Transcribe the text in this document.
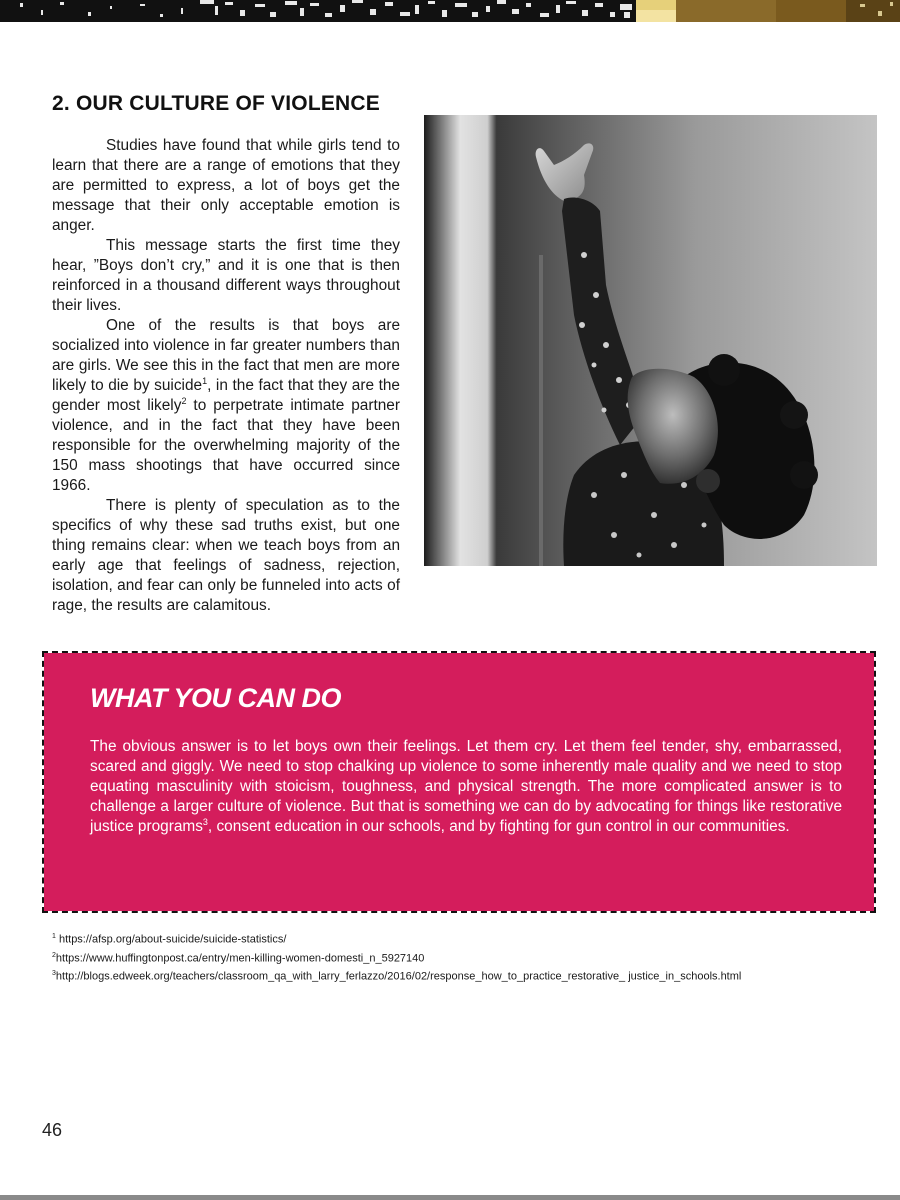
2. OUR CULTURE OF VIOLENCE

Studies have found that while girls tend to learn that there are a range of emotions that they are permitted to express, a lot of boys get the message that their only acceptable emotion is anger.

This message starts the first time they hear, ”Boys don’t cry,” and it is one that is then reinforced in a thousand different ways throughout their lives.

One of the results is that boys are socialized into violence in far greater numbers than are girls. We see this in the fact that men are more likely to die by suicide$^1$, in the fact that they are the gender most likely$^2$ to perpetrate intimate partner violence, and in the fact that they have been responsible for the overwhelming majority of the 150 mass shootings that have occurred since 1966.

There is plenty of speculation as to the specifics of why these sad truths exist, but one thing remains clear: when we teach boys from an early age that feelings of sadness, rejection, isolation, and fear can only be funneled into acts of rage, the results are calamitous.

WHAT YOU CAN DO

The obvious answer is to let boys own their feelings. Let them cry. Let them feel tender, shy, embarrassed, scared and giggly. We need to stop chalking up violence to some inherently male quality and we need to stop equating masculinity with stoicism, toughness, and physical strength. The more complicated answer is to challenge a larger culture of violence. But that is something we can do by advocating for things like restorative justice programs$^3$, consent education in our schools, and by fighting for gun control in our communities.

$^1$ https://afsp.org/about-suicide/suicide-statistics/

$^2$https://www.huffingtonpost.ca/entry/men-killing-women-domesti_n_5927140

$^3$http://blogs.edweek.org/teachers/classroom_qa_with_larry_ferlazzo/2016/02/response_how_to_practice_restorative_ justice_in_schools.html

46
